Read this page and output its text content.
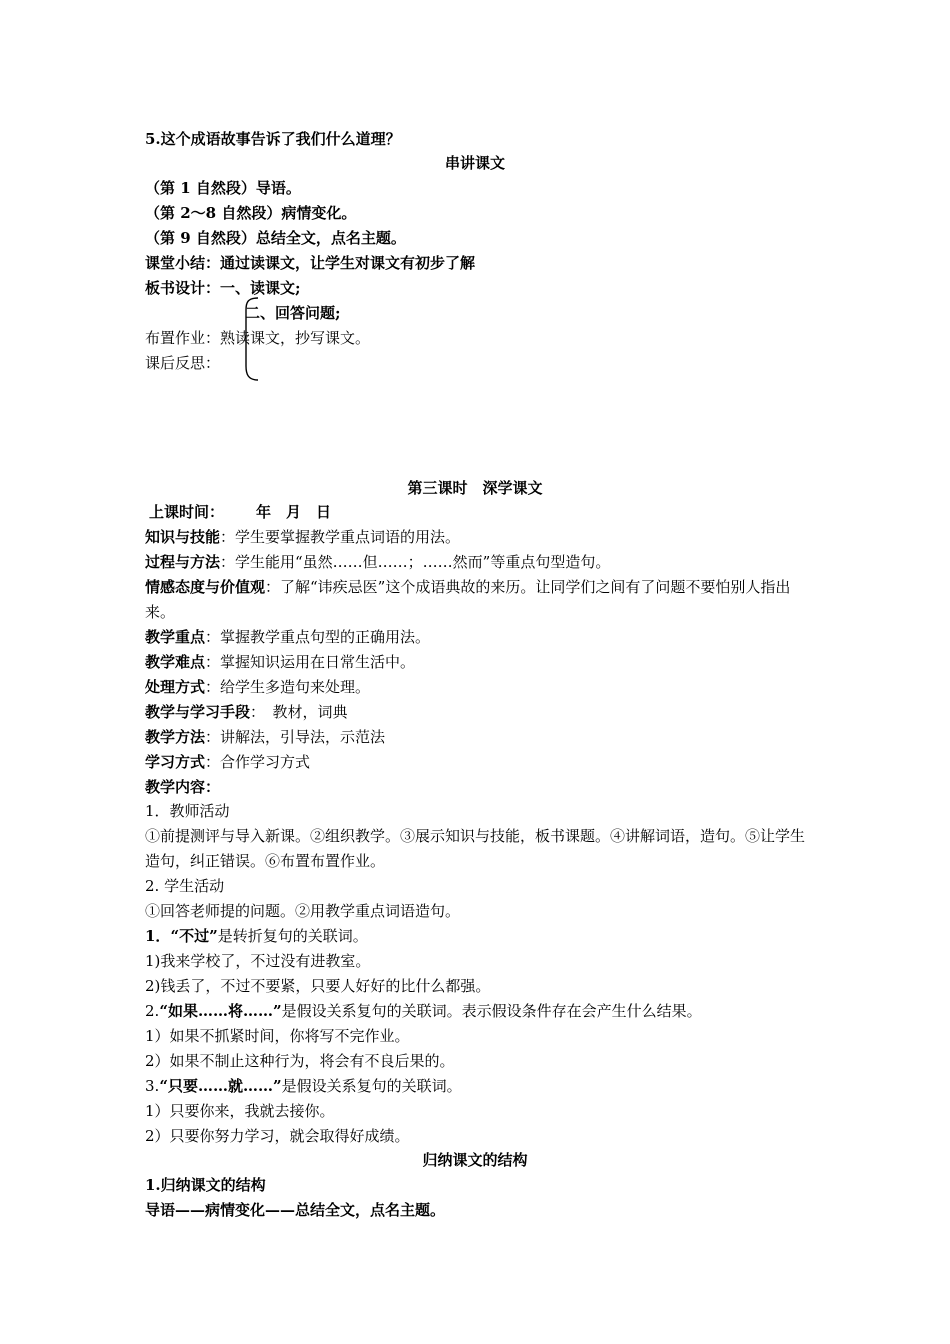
5.这个成语故事告诉了我们什么道理？
串讲课文
（第 1 自然段）导语。
（第 2～8 自然段）病情变化。
（第 9 自然段）总结全文，点名主题。
课堂小结：通过读课文，让学生对课文有初步了解
板书设计：一、读课文;
二、回答问题;
布置作业：熟读课文，抄写课文。
课后反思：
第三课时　深学课文
上课时间： 年　月　日
知识与技能：学生要掌握教学重点词语的用法。
过程与方法：学生能用“虽然……但……；……然而”等重点句型造句。
情感态度与价值观：了解“讳疾忌医”这个成语典故的来历。让同学们之间有了问题不要怕别人指出来。
教学重点：掌握教学重点句型的正确用法。
教学难点：掌握知识运用在日常生活中。
处理方式：给学生多造句来处理。
教学与学习手段：　教材，词典
教学方法：讲解法，引导法，示范法
学习方式：合作学习方式
教学内容：
1．教师活动
①前提测评与导入新课。②组织教学。③展示知识与技能，板书课题。④讲解词语，造句。⑤让学生造句，纠正错误。⑥布置布置作业。
2. 学生活动
①回答老师提的问题。②用教学重点词语造句。
1．“不过”是转折复句的关联词。
1)我来学校了，不过没有进教室。
2)钱丢了，不过不要紧，只要人好好的比什么都强。
2.“如果……将……”是假设关系复句的关联词。表示假设条件存在会产生什么结果。
1）如果不抓紧时间，你将写不完作业。
2）如果不制止这种行为，将会有不良后果的。
3.“只要……就……”是假设关系复句的关联词。
1）只要你来，我就去接你。
2）只要你努力学习，就会取得好成绩。
归纳课文的结构
1.归纳课文的结构
导语——病情变化——总结全文，点名主题。
